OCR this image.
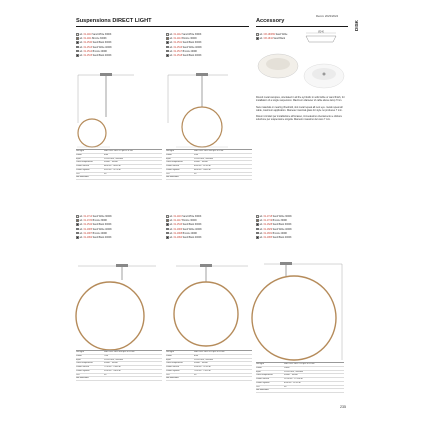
Renzo 2023/2024
DISK
Suspensions DIRECT LIGHT	Accessory
art. 01-1110 Sand White 3000K
art. 01-1111 Bronze 3000K
art. 01-1540 Sand Black 3000K
art. 01-1513 Sand White 4000K
art. 01-1514 Bronze 4000K
art. 01-1515 Sand Black 4000K
Led type	SMD LED 2835 275pcs x 0.3W
Power	40W
Input	220V-240V, 50/60Hz
Color temperature	3000K · 4000K
Lumen source	4400 lm · 4650 lm
Lumen system	3185 lm · 3274 lm
CRI	90
Not dimmable
art. 01-1112 Sand White 3000K
art. 01-1113 Bronze 3000K
art. 01-1541 Sand Black 3000K
art. 01-1516 Sand White 4000K
art. 01-1517 Bronze 4000K
art. 01-1518 Sand Black 4000K
Led type	SMD LED 2835 380 pcs x 0.3W
Power	55W
Input	220V-240V, 50/60Hz
Color temperature	3000K · 4000K
Lumen source	6050 lm · 6210 lm
Lumen system	4400 lm · 4500 lm
CRI	90
Not dimmable
art. CR-1600W Sand White
art. CR-1644 Sand Black
Ø240

Round metal canopies, orientated in all the symbolic in solid white or sand finish, for installation of a single suspension. Maximum diameter of cable above lamp 7mm.

New materials on rearing threshold, slot metal repeat all next eye. metal repeat all cable, maximum application. Diameter maximal glass for style no produces 7 mm.

Rosoni circolari per installazione all'incasso, immedesimo orientamento e dicitura soluzione per sospensione singola. Diametro massimo del cavo 7 mm.

art. 01-1714 Sand White 3000K
art. 01-1720 Bronze 3000K
art. 01-1542 Sand Black 3000K
art. 01-1905 Sand White 4000K
art. 01-1907 Bronze 4000K
art. 01-1962 Sand Black 4000K
Led type	SMD LED 2835 400 pcs x 0.14W
Power	72W
Input	220V-240V, 50/60Hz
Color temperature	3000K · 4000K
Lumen source	7730 lm · 7980 lm
Lumen system	5200 lm · 5303 lm
CRI	90
Not dimmable
art. 01-1116 Sand White 3000K
art. 01-1117 Bronze 3000K
art. 01-1543 Sand Black 3000K
art. 01-1906 Sand White 4000K
art. 01-1908 Bronze 4000K
art. 01-1964 Sand Black 4000K
Led type	SMD LED 2835 576 pcs x 0.14W
Power	85W
Input	220V-240V, 50/60Hz
Color temperature	3000K · 4000K
Lumen source	9500 lm · 9750 lm
Lumen system	7350 lm · 7545 lm
CRI	90
Not dimmable
art. 01-1718 Sand White 3000K
art. 01-1719 Bronze 3000K
art. 01-1628 Sand Black 3000K
art. 01-1829 Sand White 4000K
art. 01-1831 Bronze 4000K
art. 01-1965 Sand Black 4000K
Led type	SMD LED 2835 720 pcs x 0.14W
Power	108W
Input	220V-240V, 50/60Hz
Color temperature	3000K · 4000K
Lumen source	11780 lm · 12150 lm
Lumen system	8500 lm · 8750 lm
CRI	90
Not dimmable
235
